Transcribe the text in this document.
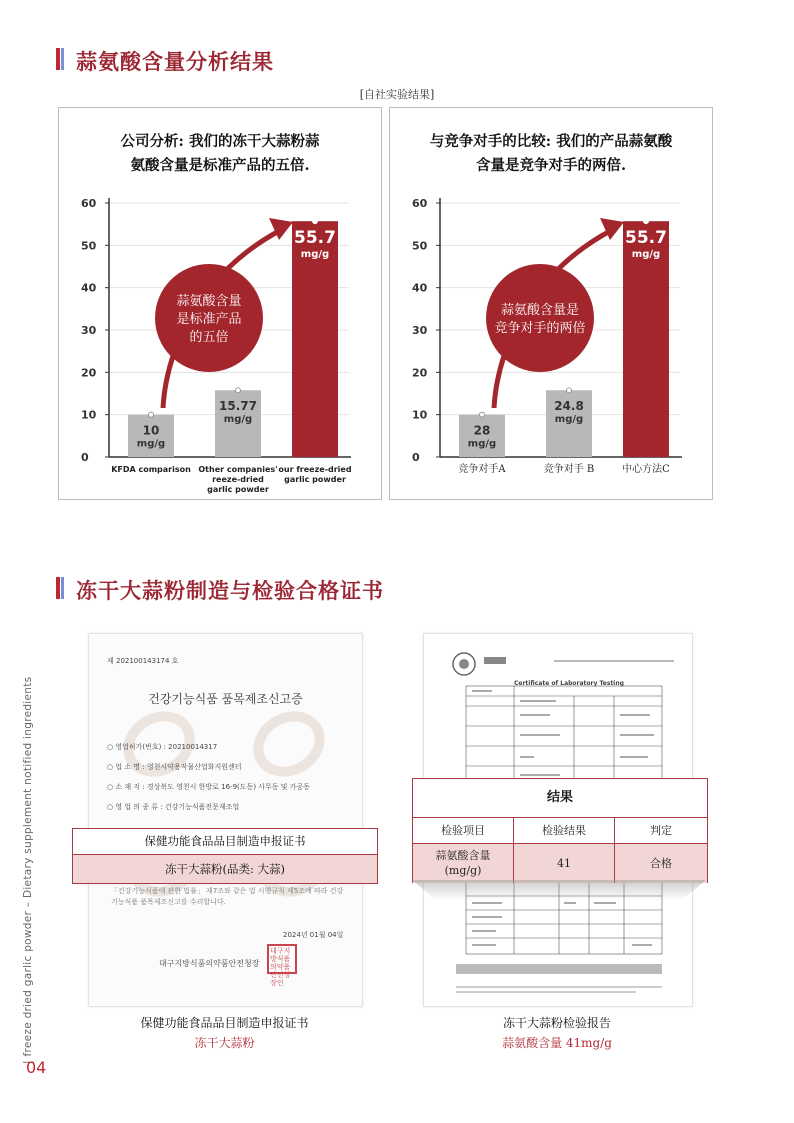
蒜氨酸含量分析结果
[自社实验结果]
公司分析: 我们的冻干大蒜粉蒜
氨酸含量是标准产品的五倍.
0
10
20
30
40
50
60
10
mg/g
KFDA comparison
15.77
mg/g
Other companies'
reeze-dried
garlic powder
55.7
mg/g
our freeze-dried
garlic powder
蒜氨酸含量
是标准产品
的五倍
与竞争对手的比较: 我们的产品蒜氨酸
含量是竞争对手的两倍.
0
10
20
30
40
50
60
28
mg/g
竞争对手A
24.8
mg/g
竞争对手 B
55.7
mg/g
中心方法C
蒜氨酸含量是
竞争对手的两倍
冻干大蒜粉制造与检验合格证书
제 202100143174 호
건강기능식품 품목제조신고증
○ 영업허가(번호) : 20210014317
○ 업 소 명 : 영천시약용작물산업화지원센터
○ 소 재 지 : 경상북도 영천시 한방로 16-9(도동) 사무동 및 가공동
○ 영 업 의 종 류 : 건강기능식품전문제조업
「건강기능식품에 관한 법률」 제7조와 같은 법 시행규칙 제5조에 따라 건강
기능식품 품목제조신고를 수리합니다.
2024년 01월 04일
대구지방식품의약품안전청장
대구지방식품의약품안전청장인
保健功能食品品目制造申报证书
冻干大蒜粉(品类: 大蒜)
保健功能食品品目制造申报证书
冻干大蒜粉
Certificate of Laboratory Testing
结果
检验项目	检验结果	判定
蒜氨酸含量
(mg/g)	41	合格
冻干大蒜粉检验报告
蒜氨酸含量 41mg/g
| freeze dried garlic powder – Dietary supplement notified ingredients
04
